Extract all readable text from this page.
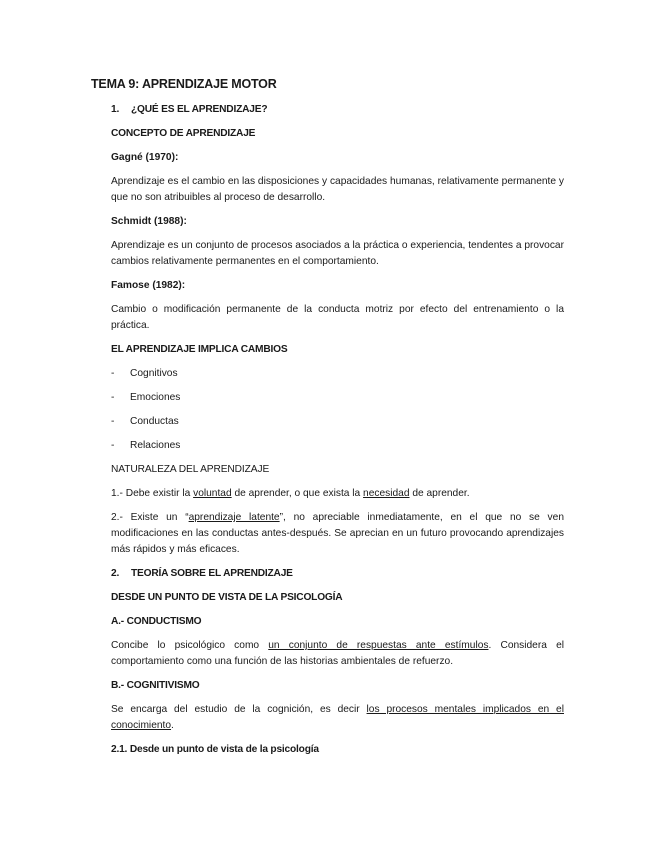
TEMA 9: APRENDIZAJE MOTOR
1. ¿QUÉ ES EL APRENDIZAJE?
CONCEPTO DE APRENDIZAJE
Gagné (1970):

Aprendizaje es el cambio en las disposiciones y capacidades humanas, relativamente permanente y que no son atribuibles al proceso de desarrollo.

Schmidt (1988):

Aprendizaje es un conjunto de procesos asociados a la práctica o experiencia, tendentes a provocar cambios relativamente permanentes en el comportamiento.

Famose (1982):

Cambio o modificación permanente de la conducta motriz por efecto del entrenamiento o la práctica.

EL APRENDIZAJE IMPLICA CAMBIOS
- Cognitivos
- Emociones
- Conductas
- Relaciones
NATURALEZA DEL APRENDIZAJE

1.- Debe existir la voluntad de aprender, o que exista la necesidad de aprender.

2.- Existe un “aprendizaje latente”, no apreciable inmediatamente, en el que no se ven modificaciones en las conductas antes-después. Se aprecian en un futuro provocando aprendizajes más rápidos y más eficaces.

2. TEORÍA SOBRE EL APRENDIZAJE
DESDE UN PUNTO DE VISTA DE LA PSICOLOGÍA
A.- CONDUCTISMO

Concibe lo psicológico como un conjunto de respuestas ante estímulos. Considera el comportamiento como una función de las historias ambientales de refuerzo.

B.- COGNITIVISMO

Se encarga del estudio de la cognición, es decir los procesos mentales implicados en el conocimiento.

2.1. Desde un punto de vista de la psicología
